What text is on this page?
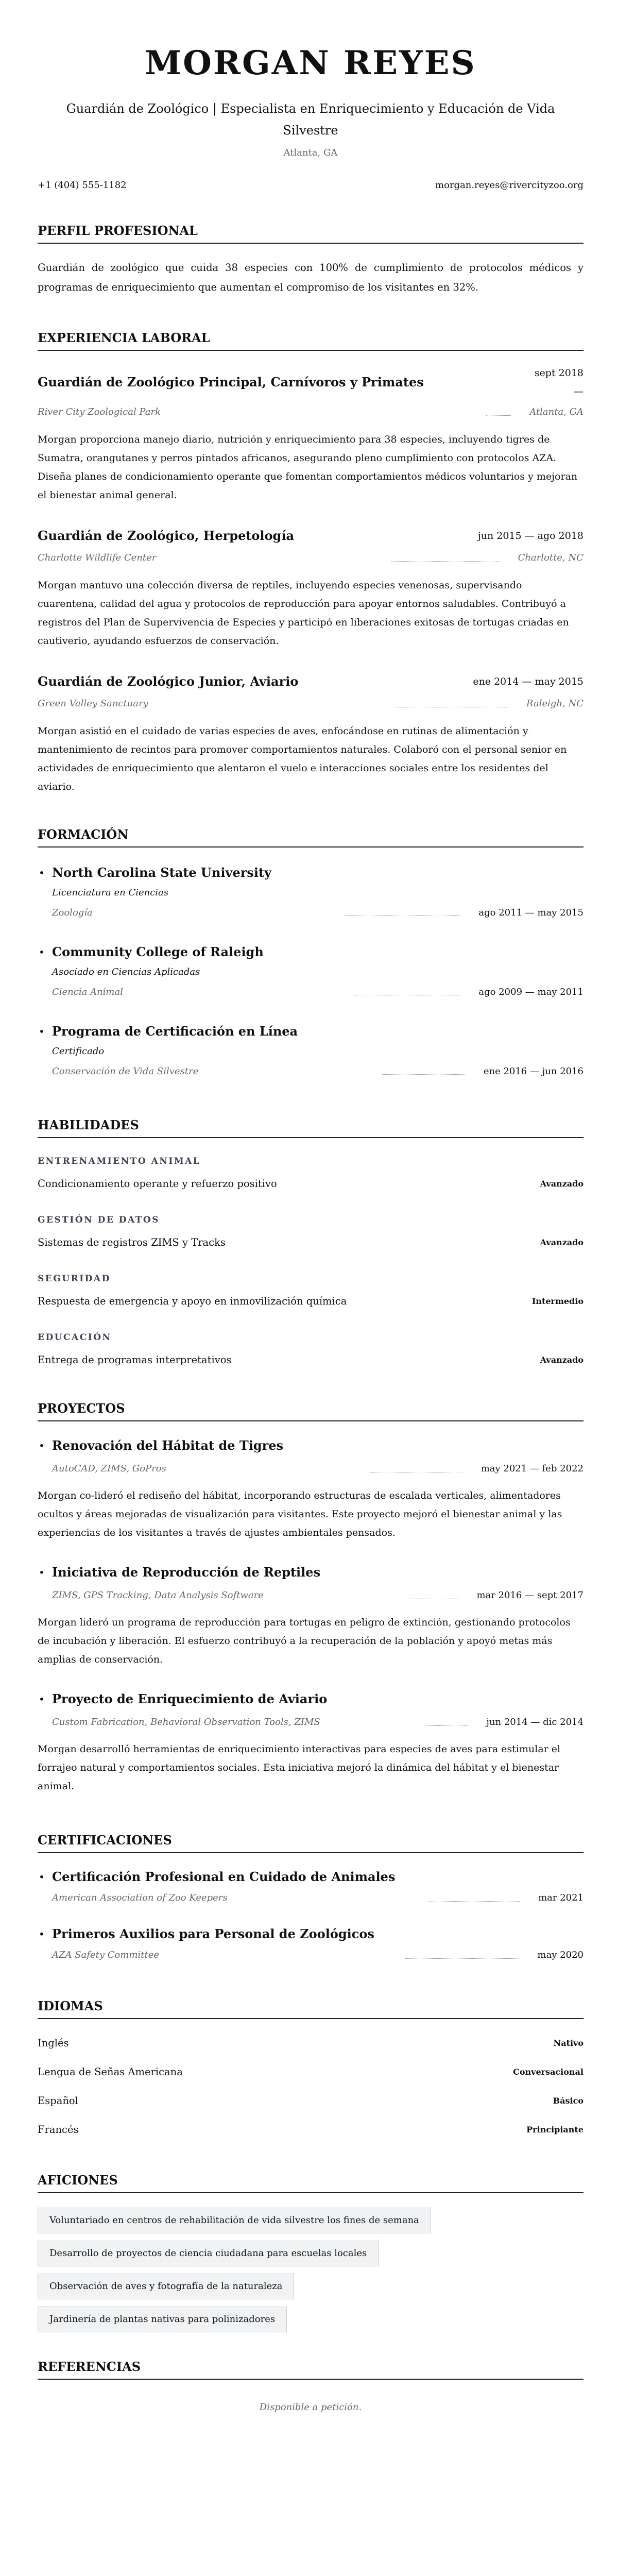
MORGAN REYES
Guardián de Zoológico | Especialista en Enriquecimiento y Educación de Vida Silvestre
Atlanta, GA
+1 (404) 555-1182	morgan.reyes@rivercityzoo.org
PERFIL PROFESIONAL

Guardián de zoológico que cuida 38 especies con 100% de cumplimiento de protocolos médicos y programas de enriquecimiento que aumentan el compromiso de los visitantes en 32%.

EXPERIENCIA LABORAL
Guardián de Zoológico Principal, Carnívoros y Primates
sept 2018 —
River City Zoological Park	Atlanta, GA

Morgan proporciona manejo diario, nutrición y enriquecimiento para 38 especies, incluyendo tigres de Sumatra, orangutanes y perros pintados africanos, asegurando pleno cumplimiento con protocolos AZA. Diseña planes de condicionamiento operante que fomentan comportamientos médicos voluntarios y mejoran el bienestar animal general.

Guardián de Zoológico, Herpetología	jun 2015 — ago 2018
Charlotte Wildlife Center	Charlotte, NC

Morgan mantuvo una colección diversa de reptiles, incluyendo especies venenosas, supervisando cuarentena, calidad del agua y protocolos de reproducción para apoyar entornos saludables. Contribuyó a registros del Plan de Supervivencia de Especies y participó en liberaciones exitosas de tortugas criadas en cautiverio, ayudando esfuerzos de conservación.

Guardián de Zoológico Junior, Aviario	ene 2014 — may 2015
Green Valley Sanctuary	Raleigh, NC

Morgan asistió en el cuidado de varias especies de aves, enfocándose en rutinas de alimentación y mantenimiento de recintos para promover comportamientos naturales. Colaboró con el personal senior en actividades de enriquecimiento que alentaron el vuelo e interacciones sociales entre los residentes del aviario.

FORMACIÓN
• North Carolina State University
Licenciatura en Ciencias
Zoología	ago 2011 — may 2015
• Community College of Raleigh
Asociado en Ciencias Aplicadas
Ciencia Animal	ago 2009 — may 2011
• Programa de Certificación en Línea
Certificado
Conservación de Vida Silvestre	ene 2016 — jun 2016
HABILIDADES
ENTRENAMIENTO ANIMAL
Condicionamiento operante y refuerzo positivo	Avanzado
GESTIÓN DE DATOS
Sistemas de registros ZIMS y Tracks	Avanzado
SEGURIDAD
Respuesta de emergencia y apoyo en inmovilización química	Intermedio
EDUCACIÓN
Entrega de programas interpretativos	Avanzado
PROYECTOS
• Renovación del Hábitat de Tigres
AutoCAD, ZIMS, GoPros	may 2021 — feb 2022

Morgan co-lideró el rediseño del hábitat, incorporando estructuras de escalada verticales, alimentadores ocultos y áreas mejoradas de visualización para visitantes. Este proyecto mejoró el bienestar animal y las experiencias de los visitantes a través de ajustes ambientales pensados.

• Iniciativa de Reproducción de Reptiles
ZIMS, GPS Tracking, Data Analysis Software	mar 2016 — sept 2017

Morgan lideró un programa de reproducción para tortugas en peligro de extinción, gestionando protocolos de incubación y liberación. El esfuerzo contribuyó a la recuperación de la población y apoyó metas más amplias de conservación.

• Proyecto de Enriquecimiento de Aviario
Custom Fabrication, Behavioral Observation Tools, ZIMS	jun 2014 — dic 2014

Morgan desarrolló herramientas de enriquecimiento interactivas para especies de aves para estimular el forrajeo natural y comportamientos sociales. Esta iniciativa mejoró la dinámica del hábitat y el bienestar animal.

CERTIFICACIONES
• Certificación Profesional en Cuidado de Animales
American Association of Zoo Keepers	mar 2021
• Primeros Auxilios para Personal de Zoológicos
AZA Safety Committee	may 2020
IDIOMAS
Inglés	Nativo
Lengua de Señas Americana	Conversacional
Español	Básico
Francés	Principiante
AFICIONES
Voluntariado en centros de rehabilitación de vida silvestre los fines de semana
Desarrollo de proyectos de ciencia ciudadana para escuelas locales
Observación de aves y fotografía de la naturaleza
Jardinería de plantas nativas para polinizadores
REFERENCIAS
Disponible a petición.
